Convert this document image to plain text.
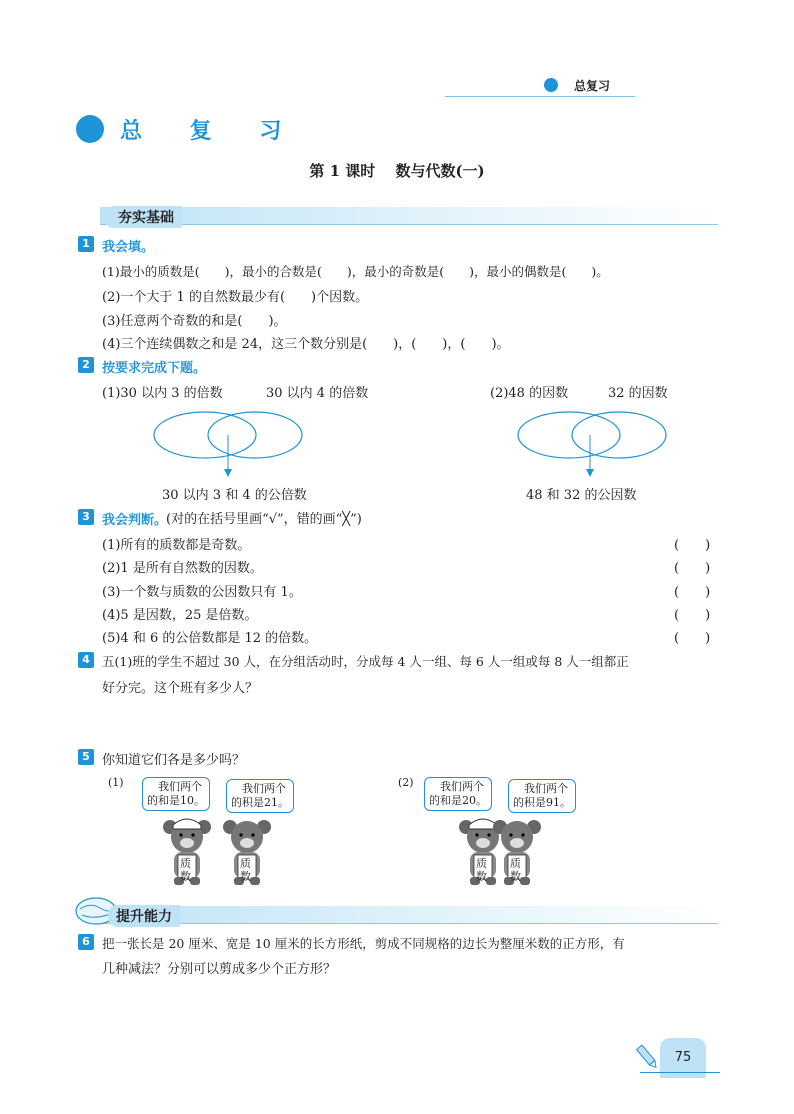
总复习
总 复 习
第 1 课时　 数与代数(一)
夯实基础
1 我会填。
(1)最小的质数是(　　)，最小的合数是(　　)，最小的奇数是(　　)，最小的偶数是(　　)。
(2)一个大于 1 的自然数最少有(　　)个因数。
(3)任意两个奇数的和是(　　)。
(4)三个连续偶数之和是 24，这三个数分别是(　　)，(　　)，(　　)。
2 按要求完成下题。
(1)30 以内 3 的倍数	30 以内 4 的倍数	(2)48 的因数	32 的因数
30 以内 3 和 4 的公倍数	48 和 32 的公因数
3 我会判断。
(对的在括号里画“√”，错的画“╳”)
(1)所有的质数都是奇数。	(　　)
(2)1 是所有自然数的因数。	(　　)
(3)一个数与质数的公因数只有 1。	(　　)
(4)5 是因数，25 是倍数。	(　　)
(5)4 和 6 的公倍数都是 12 的倍数。	(　　)
4 五(1)班的学生不超过 30 人，在分组活动时，分成每 4 人一组、每 6 人一组或每 8 人一组都正
好分完。这个班有多少人？
5 你知道它们各是多少吗？
(1)	　我们两个
的和是10。
　我们两个
的积是21。
(2)	　我们两个
的和是20。
　我们两个
的积是91。
质数
质数
质数
质数
提升能力
6 把一张长是 20 厘米、宽是 10 厘米的长方形纸，剪成不同规格的边长为整厘米数的正方形，有
几种减法？分别可以剪成多少个正方形？
75
